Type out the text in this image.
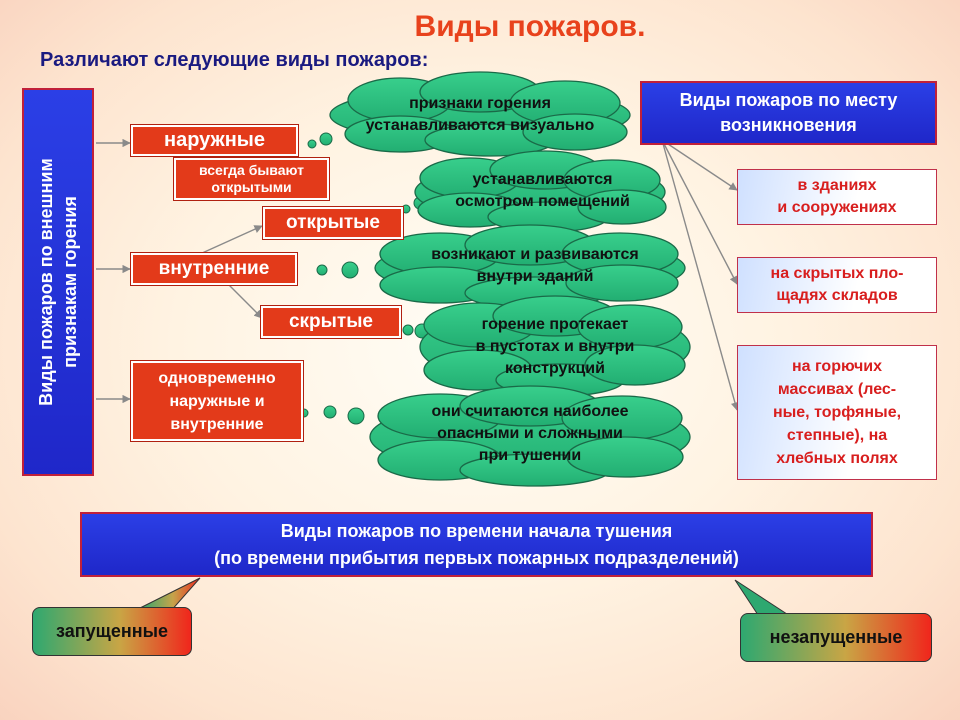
Виды пожаров.
Различают следующие виды пожаров:
Виды пожаров по внешним признакам горения
наружные
всегда бывают
открытыми
открытые
внутренние
скрытые
одновременно
наружные и
внутренние
признаки горения
устанавливаются визуально
устанавливаются
осмотром помещений
возникают и развиваются
внутри зданий
горение протекает
в пустотах и внутри
конструкций
они считаются наиболее
опасными и сложными
при тушении
Виды пожаров по месту
возникновения
в зданиях
и сооружениях
на скрытых пло-
щадях складов
на горючих
массивах (лес-
ные, торфяные,
степные), на
хлебных полях
Виды пожаров по времени начала тушения
(по времени прибытия первых пожарных подразделений)
запущенные	незапущенные
